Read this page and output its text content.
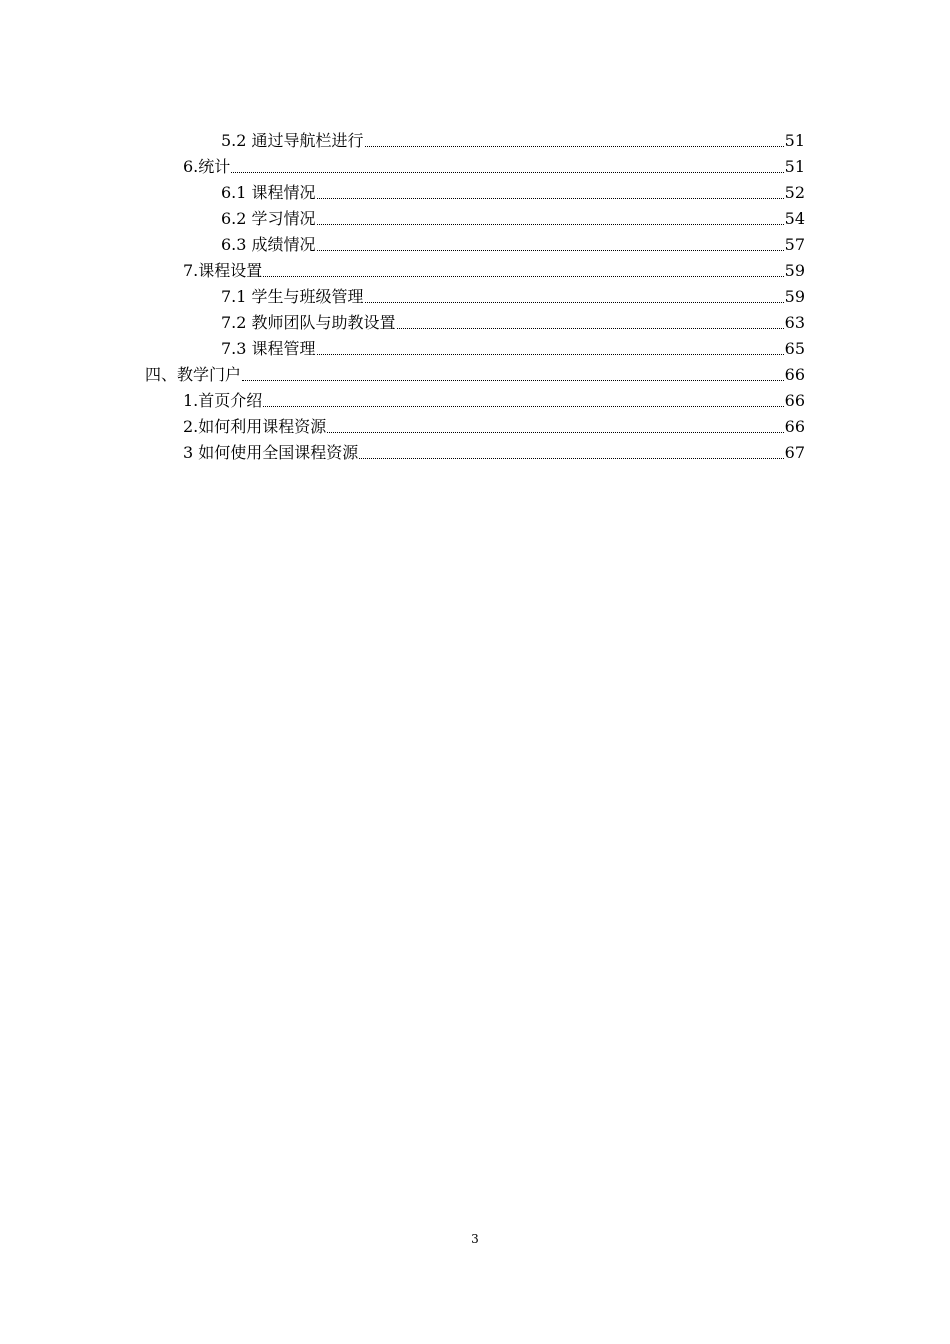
5.2 通过导航栏进行	51
6.统计	51
6.1 课程情况	52
6.2 学习情况	54
6.3 成绩情况	57
7.课程设置	59
7.1 学生与班级管理	59
7.2 教师团队与助教设置	63
7.3 课程管理	65
四、教学门户	66
1.首页介绍	66
2.如何利用课程资源	66
3 如何使用全国课程资源	67
3
